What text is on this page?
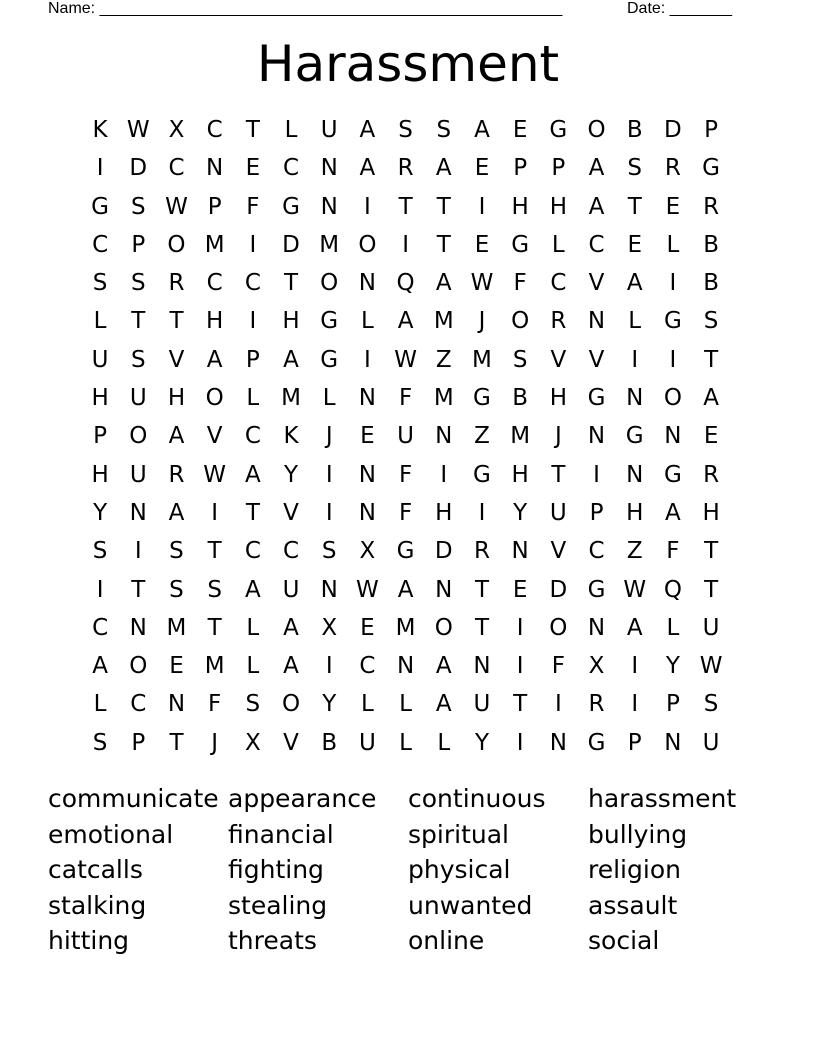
Name: ____________________________________________________	Date: _______
Harassment
K W X C	T	L	U A	S	S	A	E G O B D P
I	D C N E C N A R A	E	P	P	A	S R G
G S W P	F G N	I	T	T	I	H H A	T	E R
C	P O M	I	D M O	I	T	E G L	C E	L	B
S	S R C C	T O N Q A W F	C V A	I	B
L	T	T H	I	H G L	A M	J	O R N	L G S
U S	V A	P	A G	I	W Z M S	V V	I	I	T
H U H O L M L	N F M G B H G N O A
P O A V C K	J	E U N Z M	J	N G N E
H U R W A	Y	I	N F	I	G H T	I	N G R
Y N A	I	T	V	I	N F H	I	Y U P H A H
S	I	S	T	C C S	X G D R N V C Z	F	T
I	T	S	S	A U N W A N T	E D G W Q T
C N M T	L	A X	E M O T	I	O N A	L	U
A O E M L	A	I	C N A N	I	F	X	I	Y W
L	C N F	S O Y	L	L	A U T	I	R	I	P	S
S	P	T	J	X V B U	L	L	Y	I	N G P N U
communicate appearance	continuous	harassment
emotional	financial	spiritual	bullying
catcalls	fighting	physical	religion
stalking	stealing	unwanted	assault
hitting	threats	online	social
